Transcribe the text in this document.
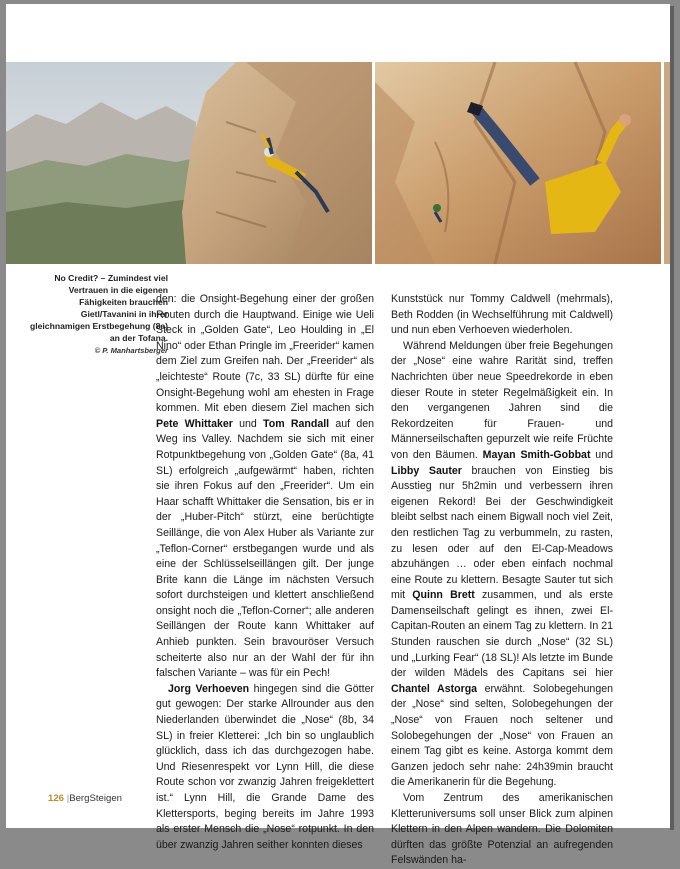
No Credit? – Zumindest viel Vertrauen in die eigenen Fähigkeiten brauchen Gietl/Tavanini in ihrer gleichnamigen Erstbegehung (8a) an der Tofana.
© P. Manhartsberger

den: die Onsight-Begehung einer der großen Routen durch die Hauptwand. Einige wie Ueli Steck in „Golden Gate“, Leo Houlding in „El Nino“ oder Ethan Pringle im „Freerider“ kamen dem Ziel zum Greifen nah. Der „Freerider“ als „leichteste“ Route (7c, 33 SL) dürfte für eine Onsight-Begehung wohl am ehesten in Frage kommen. Mit eben diesem Ziel machen sich Pete Whittaker und Tom Randall auf den Weg ins Valley. Nachdem sie sich mit einer Rotpunktbegehung von „Golden Gate“ (8a, 41 SL) erfolgreich „aufgewärmt“ haben, richten sie ihren Fokus auf den „Freerider“. Um ein Haar schafft Whittaker die Sensation, bis er in der „Huber-Pitch“ stürzt, eine berüchtigte Seillänge, die von Alex Huber als Variante zur „Teflon-Corner“ erstbegangen wurde und als eine der Schlüsselseillängen gilt. Der junge Brite kann die Länge im nächsten Versuch sofort durchsteigen und klettert anschließend onsight noch die „Teflon-Corner“; alle anderen Seillängen der Route kann Whittaker auf Anhieb punkten. Sein bravouröser Versuch scheiterte also nur an der Wahl der für ihn falschen Variante – was für ein Pech!

Jorg Verhoeven hingegen sind die Götter gut gewogen: Der starke Allrounder aus den Niederlanden überwindet die „Nose“ (8b, 34 SL) in freier Kletterei: „Ich bin so unglaublich glücklich, dass ich das durchgezogen habe. Und Riesenrespekt vor Lynn Hill, die diese Route schon vor zwanzig Jahren freigeklettert ist.“ Lynn Hill, die Grande Dame des Klettersports, beging bereits im Jahre 1993 als erster Mensch die „Nose“ rotpunkt. In den über zwanzig Jahren seither konnten dieses

Kunststück nur Tommy Caldwell (mehrmals), Beth Rodden (in Wechselführung mit Caldwell) und nun eben Verhoeven wiederholen.

Während Meldungen über freie Begehungen der „Nose“ eine wahre Rarität sind, treffen Nachrichten über neue Speedrekorde in eben dieser Route in steter Regelmäßigkeit ein. In den vergangenen Jahren sind die Rekordzeiten für Frauen- und Männerseilschaften gepurzelt wie reife Früchte von den Bäumen. Mayan Smith-Gobbat und Libby Sauter brauchen von Einstieg bis Ausstieg nur 5h2min und verbessern ihren eigenen Rekord! Bei der Geschwindigkeit bleibt selbst nach einem Bigwall noch viel Zeit, den restlichen Tag zu verbummeln, zu rasten, zu lesen oder auf den El-Cap-Meadows abzuhängen … oder eben einfach nochmal eine Route zu klettern. Besagte Sauter tut sich mit Quinn Brett zusammen, und als erste Damenseilschaft gelingt es ihnen, zwei El-Capitan-Routen an einem Tag zu klettern. In 21 Stunden rauschen sie durch „Nose“ (32 SL) und „Lurking Fear“ (18 SL)! Als letzte im Bunde der wilden Mädels des Capitans sei hier Chantel Astorga erwähnt. Solobegehungen der „Nose“ sind selten, Solobegehungen der „Nose“ von Frauen noch seltener und Solobegehungen der „Nose“ von Frauen an einem Tag gibt es keine. Astorga kommt dem Ganzen jedoch sehr nahe: 24h39min braucht die Amerikanerin für die Begehung.

Vom Zentrum des amerikanischen Kletteruniversums soll unser Blick zum alpinen Klettern in den Alpen wandern. Die Dolomiten dürften das größte Potenzial an aufregenden Felswänden ha-

126 |BergSteigen
